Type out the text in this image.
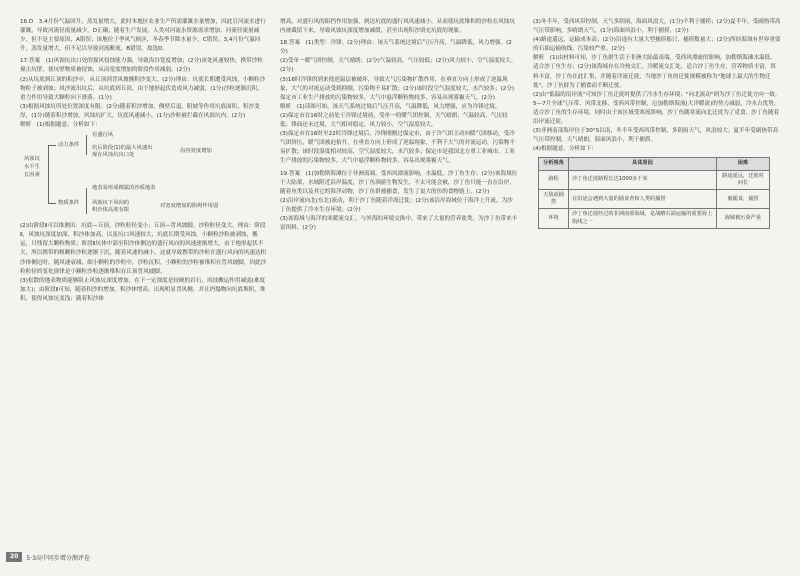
16.D　3,4月份气温回升，蒸发量增大，此时本地区农业生产所需灌溉水量增加，因此引河流水进行灌溉，导致河流径流量减少，D正确；随着生产发展，人类对河流水资源需求增加，河流径流量减少，但不是主要原因，A错误；该地位于季风气候区，冬春季节降水量少，C错误；3,4月份气温回升，蒸发量增大，但不足以导致河流断流，B错误。故选D。

17.答案　(1)风蚀坑出口处的强风侵蚀能力强，导致沟谷宽度增加；(2分)该处风速较快，携带沙粒撞击坑壁，使坑壁物质被侵蚀，从而宽度增加的阶段作用减弱。(2分)

(2)从坑底到丘顶的积沙中，从丘顶到背风坡侧积沙变大。(2分)理由：坑底长期遭受风蚀，小颗粒沙物粒子被剥蚀；风沙流出坑后，从坑底到丘顶，由于地形起伏造成风力减弱，(1分)沙粒逐渐沉积，重力作用导致大颗粒向下滑落。(1分)

(3)根据风蚀坑所处位置深度有限；(2分)随着积沙增加，侧壁后退，阴坡等作用坑底面积、积沙变厚，(1分)随着积沙增加，风蚀坑扩大，坑底风速减小，(1分)沙粒被拦截在风蚀坑内。(2分)

解析　(1)根据题意，分析如下：

风蚀坑
水平生
长因素
动力条件
物质条件
有盛行风
坑后阶段(1)的最大风速出
现在风蚀坑出口处
沟谷宽度增加
地表易形成裸露的沙质地表
风蚀坑下风向的
积沙体高度有限
对宽度增加的阻碍作用弱

(2)由阶段Ⅱ可以推测出：坑底—丘顶，沙粒粒径变小；丘顶—背风坡脚，沙粒粒径变大。理由：阶段Ⅱ，风蚀坑深度加深，积沙体加高，以及坑口风速较大，坑底长期受风蚀，小颗粒沙粒被剥蚀，搬运，只残留大颗粒物质；阶段Ⅱ坑体中部至积沙体侧边的盛行风向的风速逐渐增大，由于地形起伏不大，所以携带的粗颗粒沙粒逐渐下沉，随着风速的减小，这就导致携带的沙粒在盛行风向的风速达积沙体侧边时，随风速衰减，细小颗粒的沙粒中，沙粒沉积，小颗粒的沙粒被堆积在背风坡脚，因此沙粒粒径的变化规律是小颗粒沙粒逐渐堆积在丘顶背风坡脚。

(3)松散的地表物质能够阻止风蚀坑深度增加，在下一定深度是较硬的岩石，风蚀搬运作用减弱(难度加大)；由阶段Ⅱ可知，随着积沙的增加，积沙体增高，出现明显背风侧，并且坍塌物向坑底堆积，堆积，使得风蚀坑变浅；随着积沙体

增高，对盛行风的阻挡作用加强，到达坑底的盛行风风速减小，从而使坑底堆积的沙粒在风蚀坑内被截留下来，导致风蚀坑深度增加减缓，甚至出现积沙填充坑底的现象。

18.答案　(1)类型：冷锋。(2分)理由：该天气系统过境后气压升高，气温降低，风力增强。(2分)

(2)受单一暖气团控制，天气晴朗；(2分)气温较高，气压较低；(2分)风力较小，空气湿度较大。(2分)

(3)16时冷锋的到来使逆温层被破坏，导致大气污染物扩散作用，在垂直方向上形成了逆温现象，大气的对流运动受到抑制，污染物不易扩散；(2分)该时段空气湿度较大，水汽较多；(2分)保定市工业生产排放的污染物较多，大气中悬浮颗粒物较多，容易出现雾霾天气。(2分)

解析　(1)读图可知，该天气系统过境后气压升高，气温降低，风力增强，应为冷锋过境。

(2)保定市在16时之前处于冷锋过境前，受单一的暖气团控制，天气晴朗；气温较高，气压较低；锋面还未过境，大气相对稳定，风力较小，空气湿度较大。

(3)保定市在16时至22时冷锋过境后，冷锋刚刚过保定市，由于冷气团主动向暖气团移动，受冷气团挤压，暖气团被迫抬升，在垂直方向上形成了逆温现象，不利于大气的对流运动，污染物不易扩散；该时段湿度相对较高，空气湿度较大，水汽较多；保定市是我国北方重工业城市，工业生产排放的污染物较多，大气中悬浮颗粒物较多，容易出现雾霾天气。

19.答案　(1)加勒斯海滩位于非洲南端，受西风漂流影响，水温低，沙丁鱼生存；(2分)该海域位于大陆架，水域附近沿岸温度，沙丁鱼洄游生物发生，不太可能会被，沙丁鱼只能一直在沿岸，随着鱼类以及其它的海洋动物，沙丁鱼群被捕食，发生了更大的鱼的食物链上。(2分)

(2)沿岸流向北(东北)流动，利于沙丁鱼随着洋流迁徙；(2分)该沿岸海域位于海洋上升流，为沙丁鱼提供了冷水生存环境；(2分)

(3)该海域与海洋的寒暖流交汇，与外海的环境交换中，带来了大量的营养盐类，为沙丁鱼带来丰富饵料。(2分)

(3)冬半年，受西风带控制，天气多阴雨，海面风浪大，(1分)不利于捕捞；(2分)夏半年，受副热带高气压带影响，多晴朗天气，(1分)海面风浪小，利于捕捞。(2分)

(4)路途遥远，运输成本高；(2分)沿途有大量大型捕捞船只，捕捞数量大；(2分)所经海域有世界重要的石油运输航线，污染较严重。(2分)

解析　(1)由材料可知，沙丁鱼群生活于非洲大陆最南端，受西风漂流的影响，加勒斯海滩水温低，适合沙丁鱼生存；(2分)该海域存在冷热交汇，冷暖流交汇处，适合沙丁鱼生存，营养物质丰富，饵料丰富，沙丁鱼在此汇集，并随着洋流迁徙，当地沙丁鱼的迁徙规模被称为"地球上最大的生物迁徙"，沙丁鱼群为了捕食而不断迁徙。

(2)由"低温的沿岸流"可知沙丁鱼迁徙时提供了冷水生存环境；"向北流动"则为沙丁鱼迁徙方向一致。5—7月全球气压带、风带北移，受西风带控制，厄加勒斯海流(大洋暖流)的势力减弱，冷水占优势，适合沙丁鱼的生存环境，同时由于该区域受寒流影响，沙丁鱼随寒流向北迁徙为了觅食，沙丁鱼随着沿岸流迁徙。

(3)非洲南部海岸位于30°S以南，冬半年受西风带控制，多阴雨天气，风浪较大；夏半年受副热带高气压带控制，天气晴朗，海面风浪小，利于捕捞。

(4)根据题意，分析如下：

分析视角	具体原因	困难
路程	沙丁鱼迁徙路程长达1000多千米	路途遥远，迁徙时间长
天敌或捕捞	在沿途会遇到大量的捕食者和人类的捕捞	被捕食，捕捞
环境	沙丁鱼迁徙经过的非洲南部海域，是战略石油运输的重要海上航线之一	海域被污染严重
20	5·3高中同步增分测评卷
